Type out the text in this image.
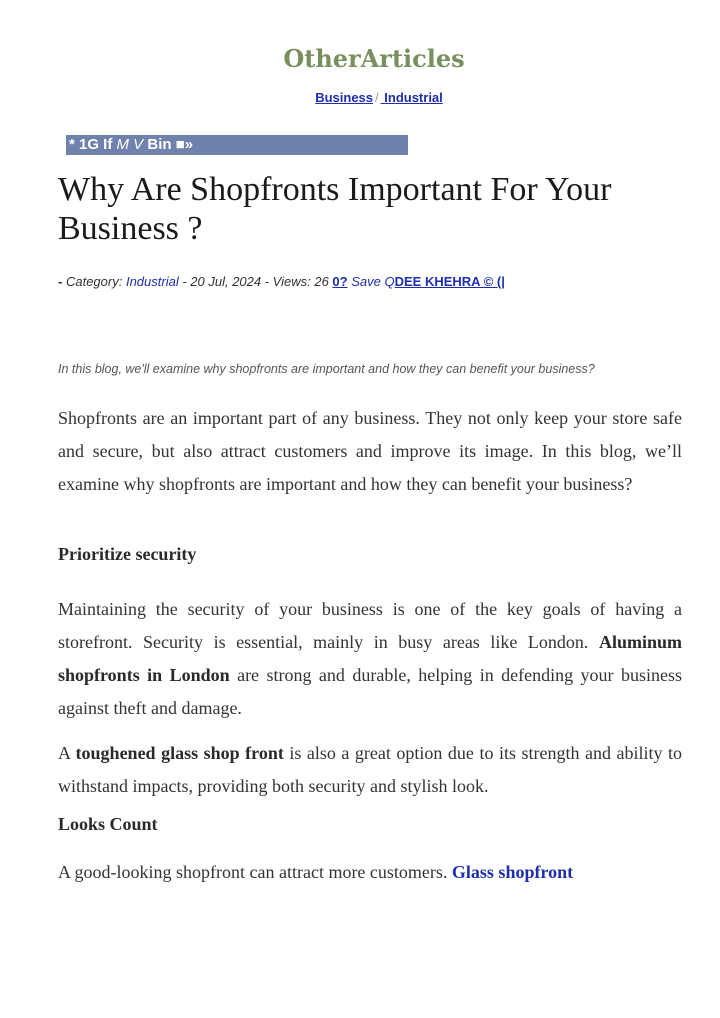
OtherArticles
Business / Industrial
* 1G If M V Bin ■»
Why Are Shopfronts Important For Your Business ?
- Category: Industrial - 20 Jul, 2024 - Views: 26 0? Save QDEE KHEHRA © (|
In this blog, we'll examine why shopfronts are important and how they can benefit your business?

Shopfronts are an important part of any business. They not only keep your store safe and secure, but also attract customers and improve its image. In this blog, we’ll examine why shopfronts are important and how they can benefit your business?

Prioritize security

Maintaining the security of your business is one of the key goals of having a storefront. Security is essential, mainly in busy areas like London. Aluminum shopfronts in London are strong and durable, helping in defending your business against theft and damage.

A toughened glass shop front is also a great option due to its strength and ability to withstand impacts, providing both security and stylish look.

Looks Count

A good-looking shopfront can attract more customers. Glass shopfront
